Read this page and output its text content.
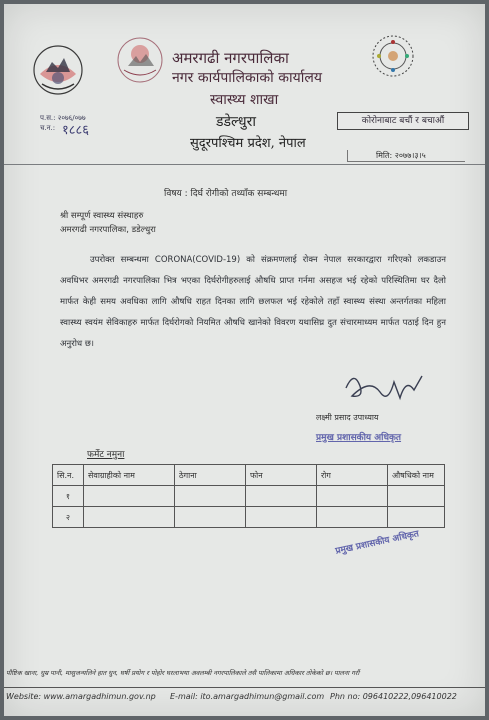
अमरगढी नगरपालिका
नगर कार्यपालिकाको कार्यालय
स्वास्थ्य शाखा
डडेल्धुरा
सुदूरपश्चिम प्रदेश, नेपाल
प.स.: २०७६/०७७
च.न.: १८८६
कोरोनाबाट बचौं र बचाऔं
मिति: २०७७।३।५
विषय : दिर्घ रोगीको तथ्याँक सम्बन्धमा
श्री सम्पूर्ण स्वास्थ्य संस्थाहरु
अमरगढी नगरपालिका, डडेल्धुरा
उपरोक्त सम्बन्धमा CORONA(COVID-19) को संक्रमणलाई रोक्न नेपाल सरकारद्वारा गरिएको लकडाउन अवधिभर अमरगढी नगरपालिका भित्र भएका दिर्घरोगीहरुलाई औषधि प्राप्त गर्नमा असहज भई रहेको परिस्थितिमा घर दैलो मार्फत केही समय अवधिका लागि औषधि राहत दिनका लागि छलफल भई रहेकोले तहाँ स्वास्थ्य संस्था अन्तर्गतका महिला स्वास्थ्य स्वयंम सेविकाहरु मार्फत दिर्घरोगको नियमित औषधि खानेको विवरण यथासिघ्र दुत संचारमाध्यम मार्फत पठाई दिन हुन अनुरोध छ।
लक्ष्मी प्रसाद उपाध्याय
प्रमुख प्रशासकीय अधिकृत
फर्मेट नमुना
सि.न.	सेवाग्राहीको नाम	ठेगाना	फोन	रोग	औषधिको नाम
१					
२					
प्रमुख प्रशासकीय अधिकृत
पौष्टिक खाना, धुम्र पानी, मासुजन्यलिने हात धुन, घर्षी प्रयोग र पोहोर घरलाभया अवलम्बी नगरपालिकाले तसै पालिकामा अधिकार तोकेको छ। पालना गरौं
Website: www.amargadhimun.gov.np E-mail: ito.amargadhimun@gmail.com Phn no: 096410222,096410022
